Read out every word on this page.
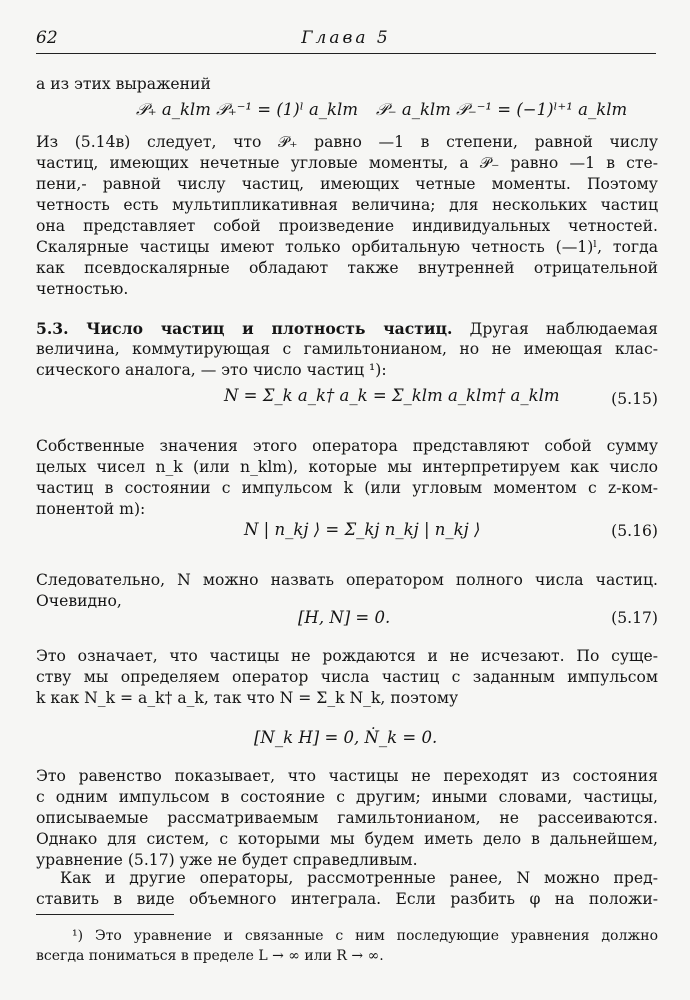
62	Глава 5
а из этих выражений
𝒫₊ a_klm 𝒫₊⁻¹ = (1)ˡ a_klm 𝒫₋ a_klm 𝒫₋⁻¹ = (−1)ˡ⁺¹ a_klm
Из (5.14в) следует, что 𝒫₊ равно —1 в степени, равной числу
частиц, имеющих нечетные угловые моменты, а 𝒫₋ равно —1 в сте-
пени,- равной числу частиц, имеющих четные моменты. Поэтому
четность есть мультипликативная величина; для нескольких частиц
она представляет собой произведение индивидуальных четностей.
Скалярные частицы имеют только орбитальную четность (—1)ˡ, тогда
как псевдоскалярные обладают также внутренней отрицательной
четностью.
5.3. Число частиц и плотность частиц. Другая наблюдаемая
величина, коммутирующая с гамильтонианом, но не имеющая клас-
сического аналога, — это число частиц ¹):
N = Σ_k a_k† a_k = Σ_klm a_klm† a_klm	(5.15)
Собственные значения этого оператора представляют собой сумму
целых чисел n_k (или n_klm), которые мы интерпретируем как число
частиц в состоянии с импульсом k (или угловым моментом с z-ком-
понентой m):
N | n_kj ⟩ = Σ_kj n_kj | n_kj ⟩	(5.16)
Следовательно, N можно назвать оператором полного числа частиц.
Очевидно,
[H, N] = 0.	(5.17)
Это означает, что частицы не рождаются и не исчезают. По суще-
ству мы определяем оператор числа частиц с заданным импульсом
k как N_k = a_k† a_k, так что N = Σ_k N_k, поэтому
[N_k H] = 0, Ṅ_k = 0.
Это равенство показывает, что частицы не переходят из состояния
с одним импульсом в состояние с другим; иными словами, частицы,
описываемые рассматриваемым гамильтонианом, не рассеиваются.
Однако для систем, с которыми мы будем иметь дело в дальнейшем,
уравнение (5.17) уже не будет справедливым.
Как и другие операторы, рассмотренные ранее, N можно пред-
ставить в виде объемного интеграла. Если разбить φ на положи-
¹) Это уравнение и связанные с ним последующие уравнения должно
всегда пониматься в пределе L → ∞ или R → ∞.
